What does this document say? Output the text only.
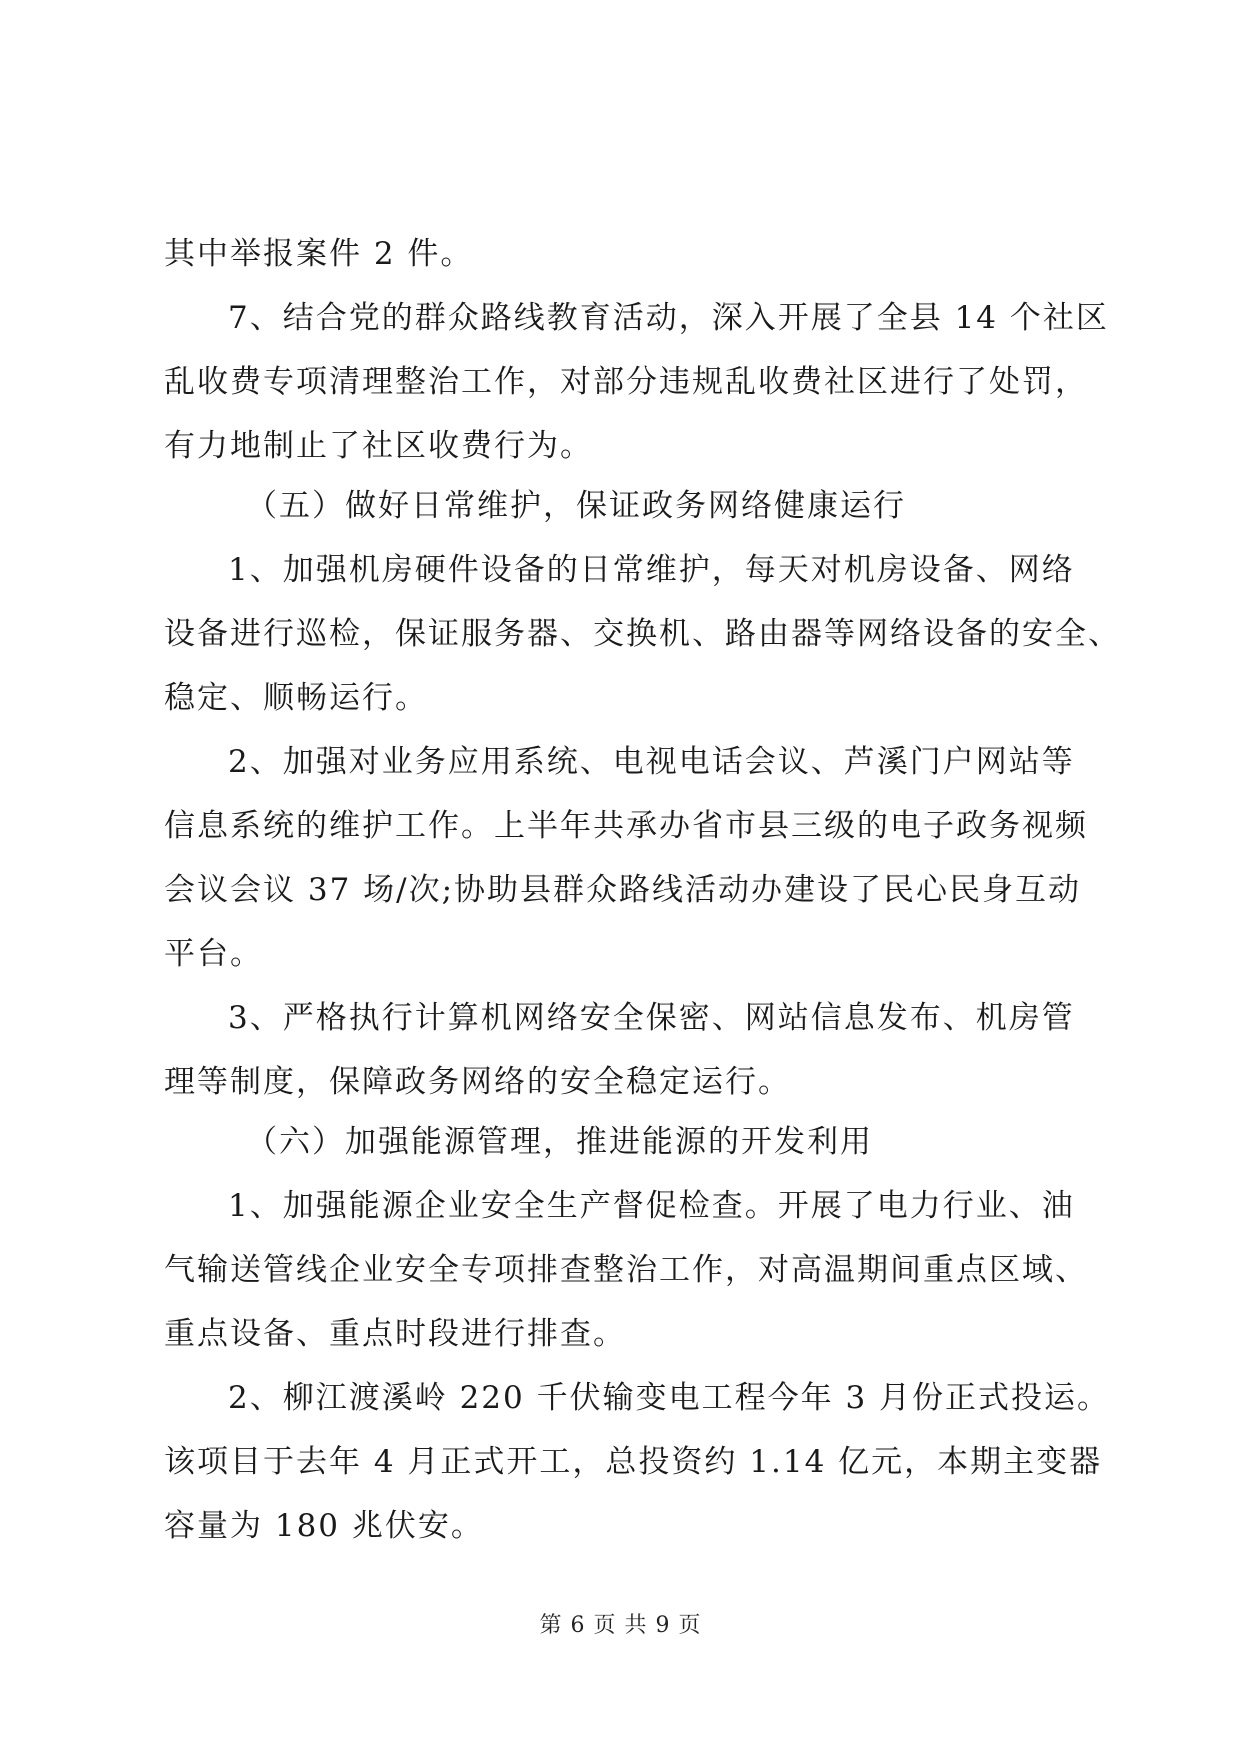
其中举报案件 2 件。
7、结合党的群众路线教育活动，深入开展了全县 14 个社区
乱收费专项清理整治工作，对部分违规乱收费社区进行了处罚，
有力地制止了社区收费行为。
（五）做好日常维护，保证政务网络健康运行
1、加强机房硬件设备的日常维护，每天对机房设备、网络
设备进行巡检，保证服务器、交换机、路由器等网络设备的安全、
稳定、顺畅运行。
2、加强对业务应用系统、电视电话会议、芦溪门户网站等
信息系统的维护工作。上半年共承办省市县三级的电子政务视频
会议会议 37 场/次;协助县群众路线活动办建设了民心民身互动
平台。
3、严格执行计算机网络安全保密、网站信息发布、机房管
理等制度，保障政务网络的安全稳定运行。
（六）加强能源管理，推进能源的开发利用
1、加强能源企业安全生产督促检查。开展了电力行业、油
气输送管线企业安全专项排查整治工作，对高温期间重点区域、
重点设备、重点时段进行排查。
2、柳江渡溪岭 220 千伏输变电工程今年 3 月份正式投运。
该项目于去年 4 月正式开工，总投资约 1.14 亿元，本期主变器
容量为 180 兆伏安。
第 6 页 共 9 页
